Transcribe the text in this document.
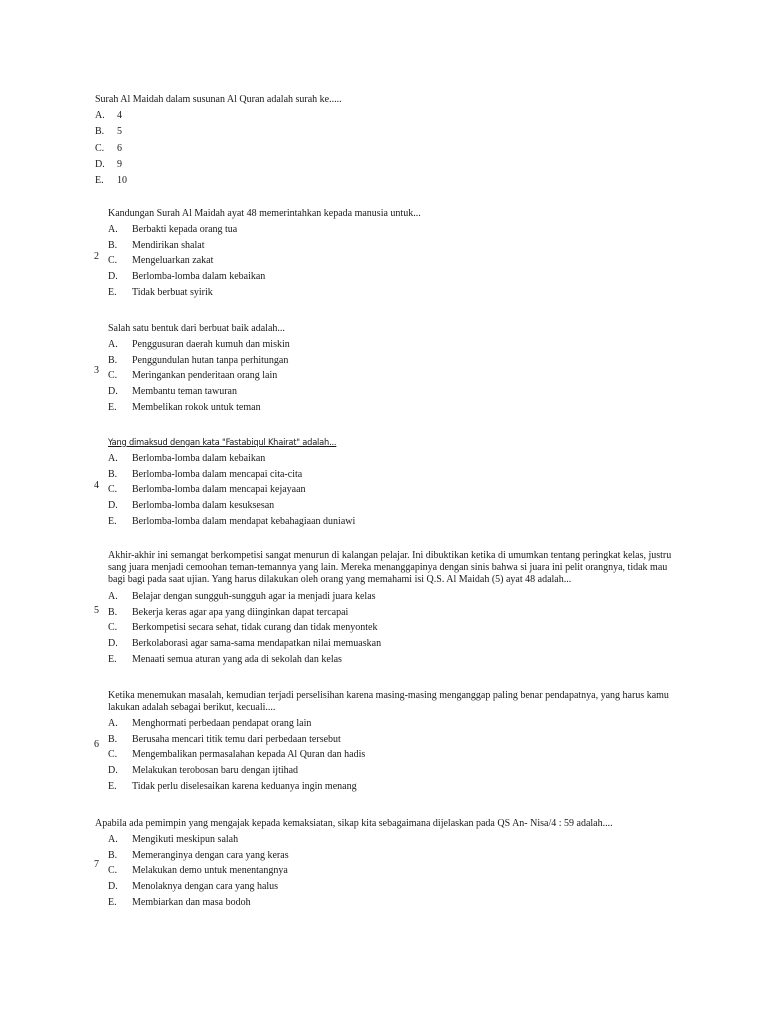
Surah Al Maidah dalam susunan Al Quran adalah surah ke.....
A.	4
B.	5
C.	6
D.	9
E.	10
2
Kandungan Surah Al Maidah ayat 48 memerintahkan kepada manusia untuk...
A.	Berbakti kepada orang tua
B.	Mendirikan shalat
C.	Mengeluarkan zakat
D.	Berlomba-lomba dalam kebaikan
E.	Tidak berbuat syirik
3
Salah satu bentuk dari berbuat baik adalah...
A.	Penggusuran daerah kumuh dan miskin
B.	Penggundulan hutan tanpa perhitungan
C.	Meringankan penderitaan orang lain
D.	Membantu teman tawuran
E.	Membelikan rokok untuk teman
4
Yang dimaksud dengan kata "Fastabiqul Khairat" adalah...
A.	Berlomba-lomba dalam kebaikan
B.	Berlomba-lomba dalam mencapai cita-cita
C.	Berlomba-lomba dalam mencapai kejayaan
D.	Berlomba-lomba dalam kesuksesan
E.	Berlomba-lomba dalam mendapat kebahagiaan duniawi
5
Akhir-akhir ini semangat berkompetisi sangat menurun di kalangan pelajar. Ini dibuktikan ketika di umumkan tentang peringkat kelas, justru
sang juara menjadi cemoohan teman-temannya yang lain. Mereka menanggapinya dengan sinis bahwa si juara ini pelit orangnya, tidak mau
bagi bagi pada saat ujian. Yang harus dilakukan oleh orang yang memahami isi Q.S. Al Maidah (5) ayat 48 adalah...
A.	Belajar dengan sungguh-sungguh agar ia menjadi juara kelas
B.	Bekerja keras agar apa yang diinginkan dapat tercapai
C.	Berkompetisi secara sehat, tidak curang dan tidak menyontek
D.	Berkolaborasi agar sama-sama mendapatkan nilai memuaskan
E.	Menaati semua aturan yang ada di sekolah dan kelas
6
Ketika menemukan masalah, kemudian terjadi perselisihan karena masing-masing menganggap paling benar pendapatnya, yang harus kamu
lakukan adalah sebagai berikut, kecuali....
A.	Menghormati perbedaan pendapat orang lain
B.	Berusaha mencari titik temu dari perbedaan tersebut
C.	Mengembalikan permasalahan kepada Al Quran dan hadis
D.	Melakukan terobosan baru dengan ijtihad
E.	Tidak perlu diselesaikan karena keduanya ingin menang
7
Apabila ada pemimpin yang mengajak kepada kemaksiatan, sikap kita sebagaimana dijelaskan pada QS An- Nisa/4 : 59 adalah....
A.	Mengikuti meskipun salah
B.	Memeranginya dengan cara yang keras
C.	Melakukan demo untuk menentangnya
D.	Menolaknya dengan cara yang halus
E.	Membiarkan dan masa bodoh
